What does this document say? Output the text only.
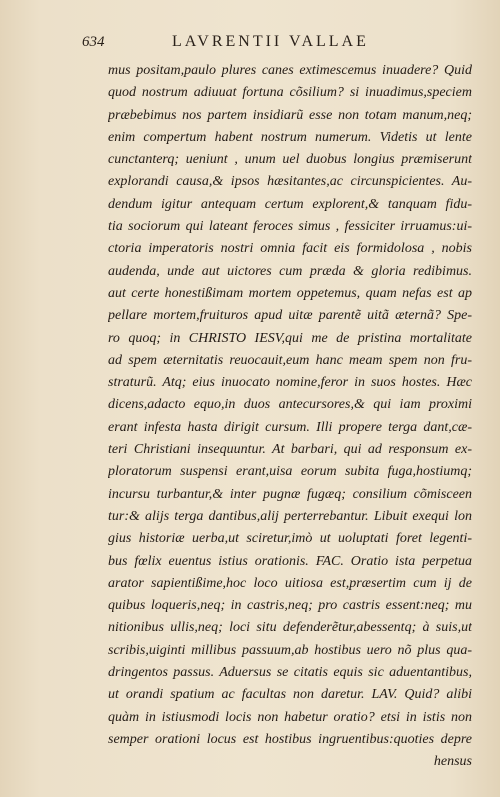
634	LAVRENTII VALLAE
mus positam,paulo plures canes extimescemus inuadere? Quid
quod nostrum adiuuat fortuna cõsilium? si inuadimus,speciem
præbebimus nos partem insidiarũ esse non totam manum,neq;
enim compertum habent nostrum numerum. Videtis ut lente
cunctanterq; ueniunt , unum uel duobus longius præmiserunt
explorandi causa,& ipsos hæsitantes,ac circunspicientes. Au-
dendum igitur antequam certum explorent,& tanquam fidu-
tia sociorum qui lateant feroces simus , fessiciter irruamus:ui-
ctoria imperatoris nostri omnia facit eis formidolosa , nobis
audenda, unde aut uictores cum præda & gloria redibimus.
aut certe honestißimam mortem oppetemus, quam nefas est ap
pellare mortem,fruituros apud uitæ parentẽ uitã æternã? Spe-
ro quoq; in CHRISTO IESV,qui me de pristina mortalitate
ad spem æternitatis reuocauit,eum hanc meam spem non fru-
straturũ. Atq; eius inuocato nomine,feror in suos hostes. Hæc
dicens,adacto equo,in duos antecursores,& qui iam proximi
erant infesta hasta dirigit cursum. Illi propere terga dant,cæ-
teri Christiani insequuntur. At barbari, qui ad responsum ex-
ploratorum suspensi erant,uisa eorum subita fuga,hostiumq;
incursu turbantur,& inter pugnæ fugæq; consilium cõmisceen
tur:& alijs terga dantibus,alij perterrebantur. Libuit exequi lon
gius historiæ uerba,ut sciretur,imò ut uoluptati foret legenti-
bus fœlix euentus istius orationis. FAC. Oratio ista perpetua
arator sapientißime,hoc loco uitiosa est,præsertim cum ij de
quibus loqueris,neq; in castris,neq; pro castris essent:neq; mu
nitionibus ullis,neq; loci situ defenderẽtur,abessentq; à suis,ut
scribis,uiginti millibus passuum,ab hostibus uero nõ plus qua-
dringentos passus. Aduersus se citatis equis sic aduentantibus,
ut orandi spatium ac facultas non daretur. LAV. Quid? alibi
quàm in istiusmodi locis non habetur oratio? etsi in istis non
semper orationi locus est hostibus ingruentibus:quoties depre
hensus
